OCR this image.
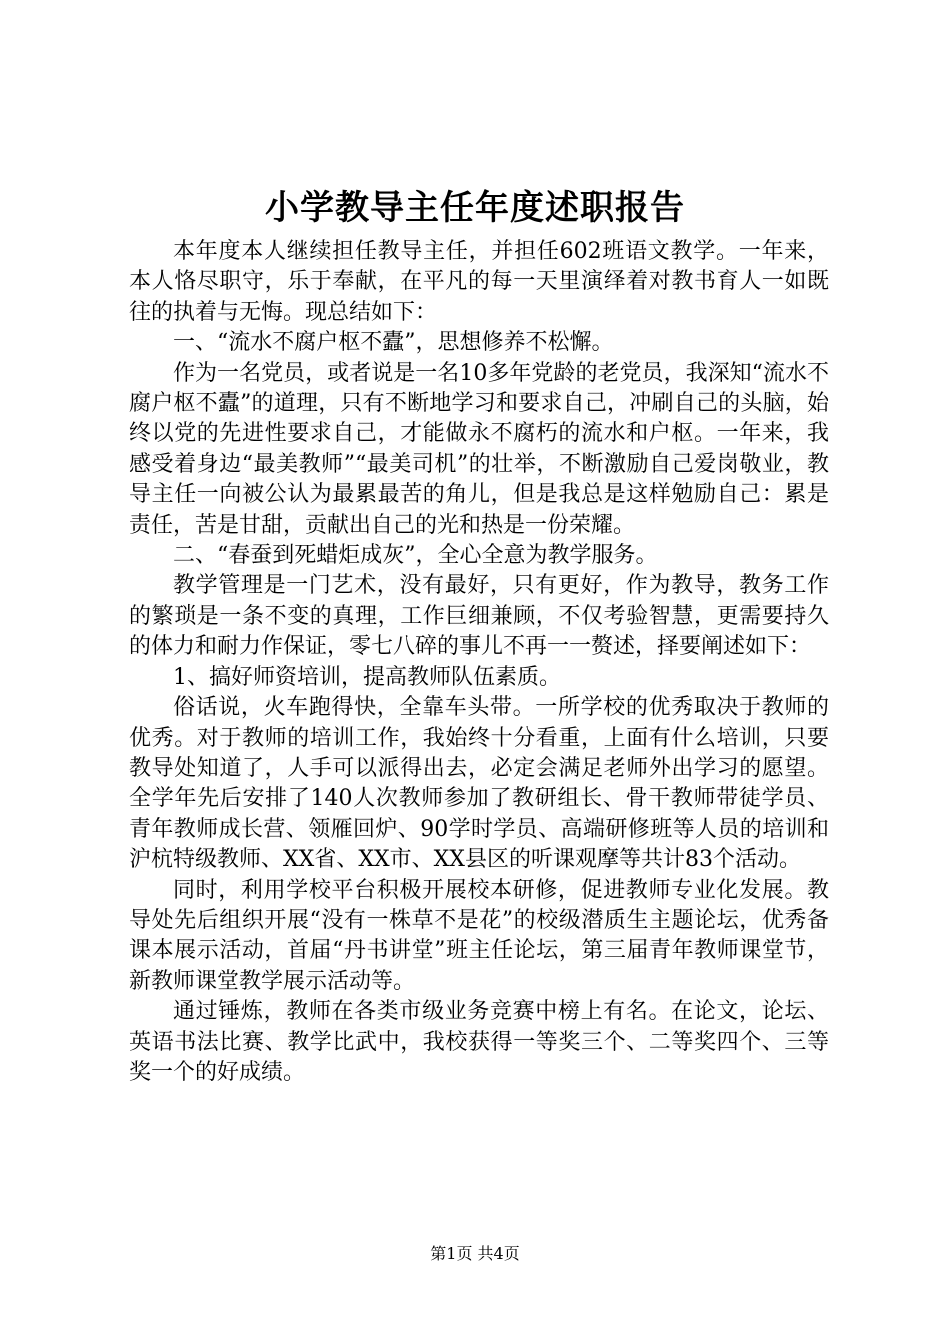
小学教导主任年度述职报告

本年度本人继续担任教导主任，并担任602班语文教学。一年来，本人恪尽职守，乐于奉献，在平凡的每一天里演绎着对教书育人一如既往的执着与无悔。现总结如下：

一、“流水不腐户枢不蠹”，思想修养不松懈。

作为一名党员，或者说是一名10多年党龄的老党员，我深知“流水不腐户枢不蠹”的道理，只有不断地学习和要求自己，冲刷自己的头脑，始终以党的先进性要求自己，才能做永不腐朽的流水和户枢。一年来，我感受着身边“最美教师”“最美司机”的壮举，不断激励自己爱岗敬业，教导主任一向被公认为最累最苦的角儿，但是我总是这样勉励自己：累是责任，苦是甘甜，贡献出自己的光和热是一份荣耀。

二、“春蚕到死蜡炬成灰”，全心全意为教学服务。

教学管理是一门艺术，没有最好，只有更好，作为教导，教务工作的繁琐是一条不变的真理，工作巨细兼顾，不仅考验智慧，更需要持久的体力和耐力作保证，零七八碎的事儿不再一一赘述，择要阐述如下：

1、搞好师资培训，提高教师队伍素质。

俗话说，火车跑得快，全靠车头带。一所学校的优秀取决于教师的优秀。对于教师的培训工作，我始终十分看重，上面有什么培训，只要教导处知道了，人手可以派得出去，必定会满足老师外出学习的愿望。全学年先后安排了140人次教师参加了教研组长、骨干教师带徒学员、青年教师成长营、领雁回炉、90学时学员、高端研修班等人员的培训和沪杭特级教师、XX省、XX市、XX县区的听课观摩等共计83个活动。

同时，利用学校平台积极开展校本研修，促进教师专业化发展。教导处先后组织开展“没有一株草不是花”的校级潜质生主题论坛，优秀备课本展示活动，首届“丹书讲堂”班主任论坛，第三届青年教师课堂节，新教师课堂教学展示活动等。

通过锤炼，教师在各类市级业务竞赛中榜上有名。在论文，论坛、英语书法比赛、教学比武中，我校获得一等奖三个、二等奖四个、三等奖一个的好成绩。

第1页 共4页
